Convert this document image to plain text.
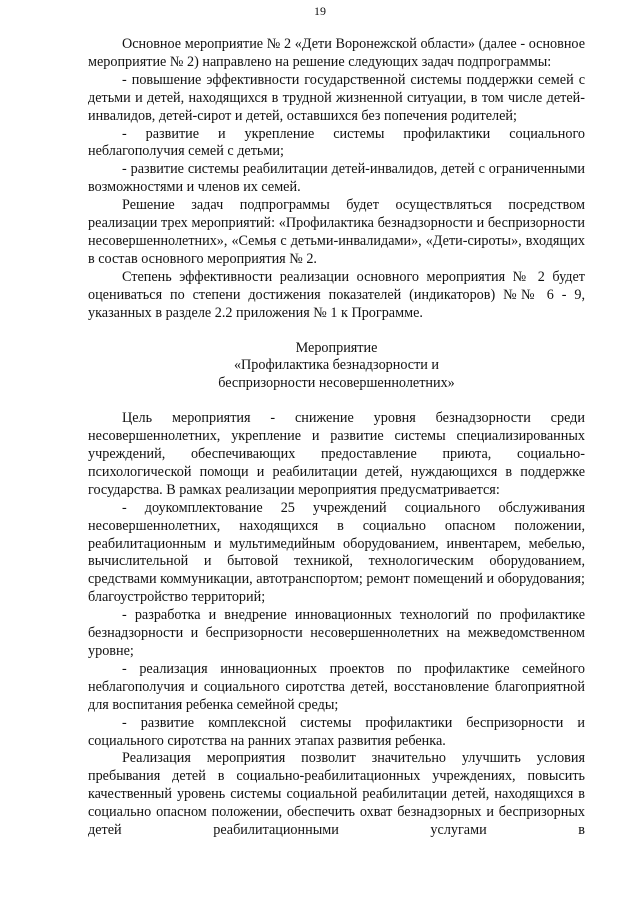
19

Основное мероприятие № 2 «Дети Воронежской области» (далее - основное мероприятие № 2) направлено на решение следующих задач подпрограммы:

- повышение эффективности государственной системы поддержки семей с детьми и детей, находящихся в трудной жизненной ситуации, в том числе детей-инвалидов, детей-сирот и детей, оставшихся без попечения родителей;

- развитие и укрепление системы профилактики социального неблагополучия семей с детьми;

- развитие системы реабилитации детей-инвалидов, детей с ограниченными возможностями и членов их семей.

Решение задач подпрограммы будет осуществляться посредством реализации трех мероприятий: «Профилактика безнадзорности и беспризорности несовершеннолетних», «Семья с детьми-инвалидами», «Дети-сироты», входящих в состав основного мероприятия № 2.

Степень эффективности реализации основного мероприятия № 2 будет оцениваться по степени достижения показателей (индикаторов) №№ 6 - 9, указанных в разделе 2.2 приложения № 1 к Программе.

Мероприятие

«Профилактика безнадзорности и

беспризорности несовершеннолетних»

Цель мероприятия - снижение уровня безнадзорности среди несовершеннолетних, укрепление и развитие системы специализированных учреждений, обеспечивающих предоставление приюта, социально-психологической помощи и реабилитации детей, нуждающихся в поддержке государства. В рамках реализации мероприятия предусматривается:

- доукомплектование 25 учреждений социального обслуживания несовершеннолетних, находящихся в социально опасном положении, реабилитационным и мультимедийным оборудованием, инвентарем, мебелью, вычислительной и бытовой техникой, технологическим оборудованием, средствами коммуникации, автотранспортом; ремонт помещений и оборудования; благоустройство территорий;

- разработка и внедрение инновационных технологий по профилактике безнадзорности и беспризорности несовершеннолетних на межведомственном уровне;

- реализация инновационных проектов по профилактике семейного неблагополучия и социального сиротства детей, восстановление благоприятной для воспитания ребенка семейной среды;

- развитие комплексной системы профилактики беспризорности и социального сиротства на ранних этапах развития ребенка.

Реализация мероприятия позволит значительно улучшить условия пребывания детей в социально-реабилитационных учреждениях, повысить качественный уровень системы социальной реабилитации детей, находящихся в социально опасном положении, обеспечить охват безнадзорных и беспризорных детей реабилитационными услугами в
